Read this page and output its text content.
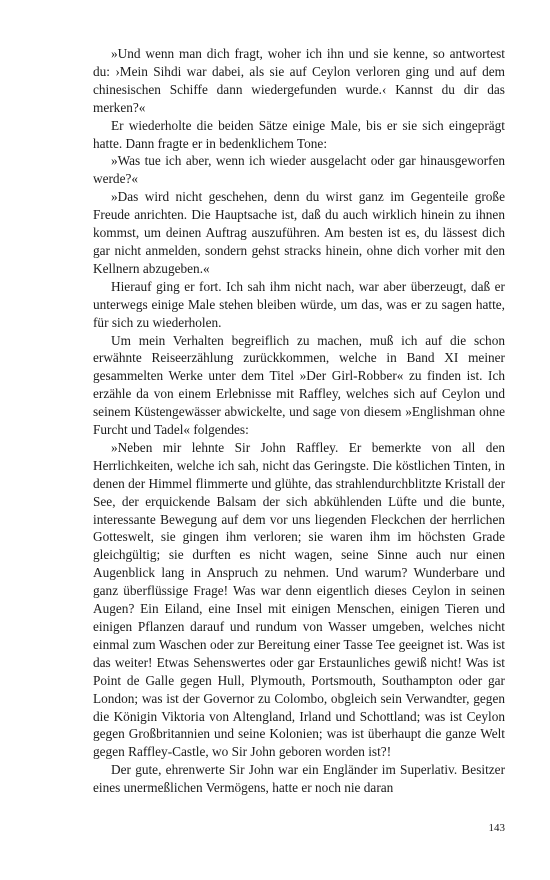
»Und wenn man dich fragt, woher ich ihn und sie kenne, so antwortest du: ›Mein Sihdi war dabei, als sie auf Ceylon verloren ging und auf dem chinesischen Schiffe dann wiedergefunden wurde.‹ Kannst du dir das merken?«

Er wiederholte die beiden Sätze einige Male, bis er sie sich eingeprägt hatte. Dann fragte er in bedenklichem Tone:

»Was tue ich aber, wenn ich wieder ausgelacht oder gar hinausgeworfen werde?«

»Das wird nicht geschehen, denn du wirst ganz im Gegenteile große Freude anrichten. Die Hauptsache ist, daß du auch wirklich hinein zu ihnen kommst, um deinen Auftrag auszuführen. Am besten ist es, du lässest dich gar nicht anmelden, sondern gehst stracks hinein, ohne dich vorher mit den Kellnern abzugeben.«

Hierauf ging er fort. Ich sah ihm nicht nach, war aber überzeugt, daß er unterwegs einige Male stehen bleiben würde, um das, was er zu sagen hatte, für sich zu wiederholen.

Um mein Verhalten begreiflich zu machen, muß ich auf die schon erwähnte Reiseerzählung zurückkommen, welche in Band XI meiner gesammelten Werke unter dem Titel »Der Girl-Robber« zu finden ist. Ich erzähle da von einem Erlebnisse mit Raffley, welches sich auf Ceylon und seinem Küstengewässer abwickelte, und sage von diesem »Englishman ohne Furcht und Tadel« folgendes:

»Neben mir lehnte Sir John Raffley. Er bemerkte von all den Herrlichkeiten, welche ich sah, nicht das Geringste. Die köstlichen Tinten, in denen der Himmel flimmerte und glühte, das strahlendurchblitzte Kristall der See, der erquickende Balsam der sich abkühlenden Lüfte und die bunte, interessante Bewegung auf dem vor uns liegenden Fleckchen der herrlichen Gotteswelt, sie gingen ihm verloren; sie waren ihm im höchsten Grade gleichgültig; sie durften es nicht wagen, seine Sinne auch nur einen Augenblick lang in Anspruch zu nehmen. Und warum? Wunderbare und ganz überflüssige Frage! Was war denn eigentlich dieses Ceylon in seinen Augen? Ein Eiland, eine Insel mit einigen Menschen, einigen Tieren und einigen Pflanzen darauf und rundum von Wasser umgeben, welches nicht einmal zum Waschen oder zur Bereitung einer Tasse Tee geeignet ist. Was ist das weiter! Etwas Sehenswertes oder gar Erstaunliches gewiß nicht! Was ist Point de Galle gegen Hull, Plymouth, Portsmouth, Southampton oder gar London; was ist der Governor zu Colombo, obgleich sein Verwandter, gegen die Königin Viktoria von Altengland, Irland und Schottland; was ist Ceylon gegen Großbritannien und seine Kolonien; was ist überhaupt die ganze Welt gegen Raffley-Castle, wo Sir John geboren worden ist?!

Der gute, ehrenwerte Sir John war ein Engländer im Superlativ. Besitzer eines unermeßlichen Vermögens, hatte er noch nie daran

143
